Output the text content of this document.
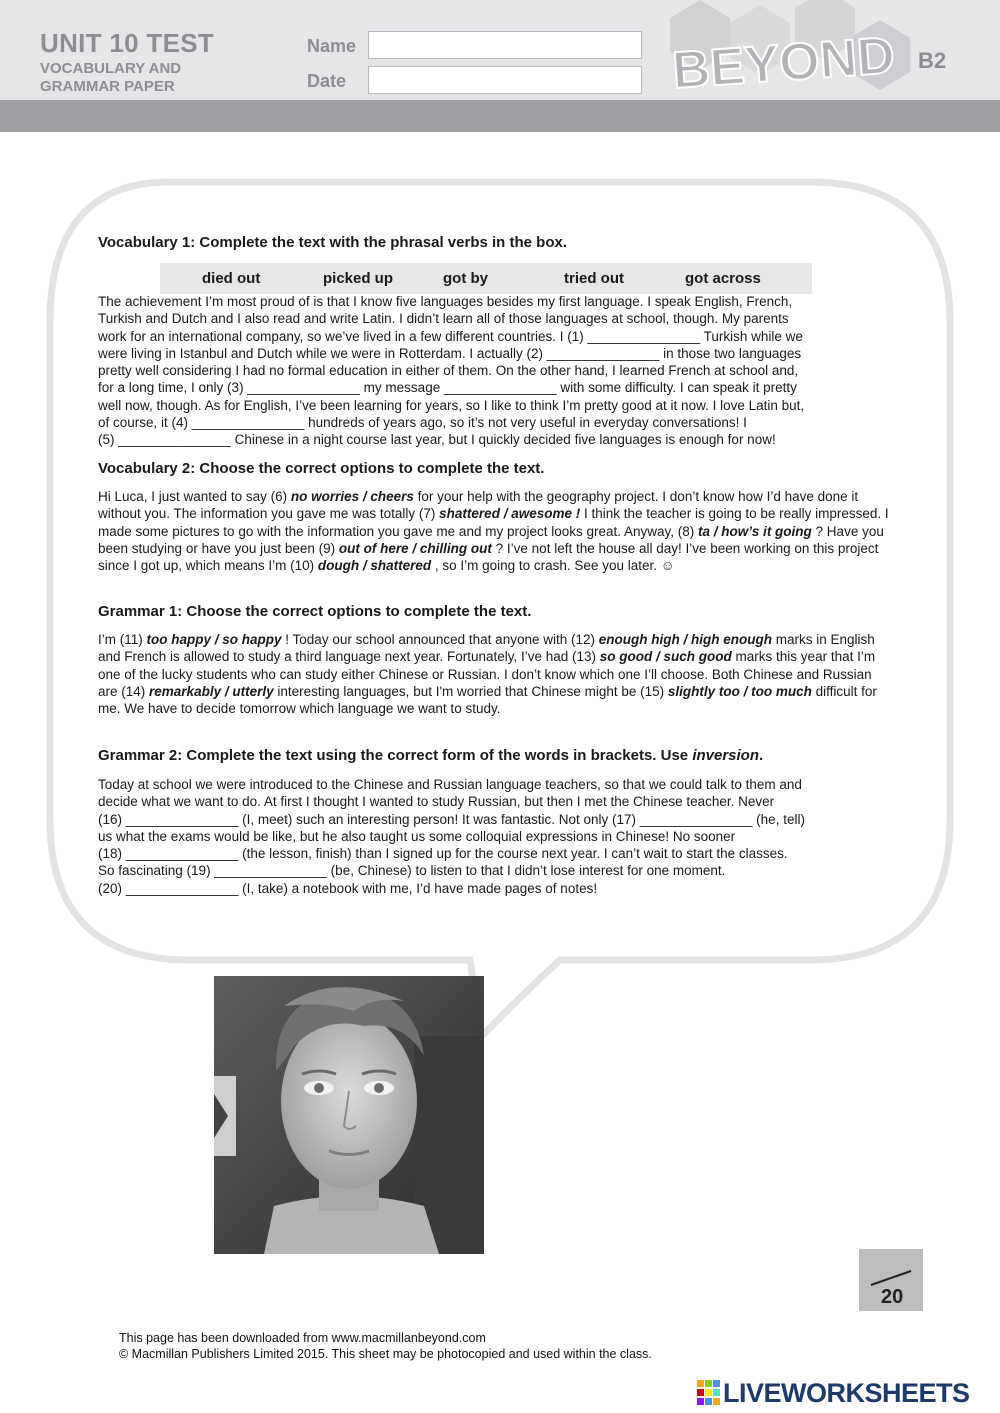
UNIT 10 TEST
VOCABULARY AND
GRAMMAR PAPER
Name
Date	BEYOND B2
Vocabulary 1: Complete the text with the phrasal verbs in the box.
died out	picked up	got by	tried out	got across
The achievement I’m most proud of is that I know five languages besides my first language. I speak English, French,
Turkish and Dutch and I also read and write Latin. I didn’t learn all of those languages at school, though. My parents
work for an international company, so we’ve lived in a few different countries. I (1) _______________ Turkish while we
were living in Istanbul and Dutch while we were in Rotterdam. I actually (2) _______________ in those two languages
pretty well considering I had no formal education in either of them. On the other hand, I learned French at school and,
for a long time, I only (3) _______________ my message _______________ with some difficulty. I can speak it pretty
well now, though. As for English, I’ve been learning for years, so I like to think I’m pretty good at it now. I love Latin but,
of course, it (4) _______________ hundreds of years ago, so it’s not very useful in everyday conversations! I
(5) _______________ Chinese in a night course last year, but I quickly decided five languages is enough for now!
Vocabulary 2: Choose the correct options to complete the text.

Hi Luca, I just wanted to say (6) no worries / cheers for your help with the geography project. I don’t know how I’d have done it without you. The information you gave me was totally (7) shattered / awesome ! I think the teacher is going to be really impressed. I made some pictures to go with the information you gave me and my project looks great. Anyway, (8) ta / how’s it going ? Have you been studying or have you just been (9) out of here / chilling out ? I’ve not left the house all day! I’ve been working on this project since I got up, which means I’m (10) dough / shattered , so I’m going to crash. See you later. ☺

Grammar 1: Choose the correct options to complete the text.

I’m (11) too happy / so happy ! Today our school announced that anyone with (12) enough high / high enough marks in English and French is allowed to study a third language next year. Fortunately, I’ve had (13) so good / such good marks this year that I’m one of the lucky students who can study either Chinese or Russian. I don’t know which one I’ll choose. Both Chinese and Russian are (14) remarkably / utterly interesting languages, but I'm worried that Chinese might be (15) slightly too / too much difficult for me. We have to decide tomorrow which language we want to study.

Grammar 2: Complete the text using the correct form of the words in brackets. Use inversion.
Today at school we were introduced to the Chinese and Russian language teachers, so that we could talk to them and
decide what we want to do. At first I thought I wanted to study Russian, but then I met the Chinese teacher. Never
(16) _______________ (I, meet) such an interesting person! It was fantastic. Not only (17) _______________ (he, tell)
us what the exams would be like, but he also taught us some colloquial expressions in Chinese! No sooner
(18) _______________ (the lesson, finish) than I signed up for the course next year. I can’t wait to start the classes.
So fascinating (19) _______________ (be, Chinese) to listen to that I didn’t lose interest for one moment.
(20) _______________ (I, take) a notebook with me, I’d have made pages of notes!
20
This page has been downloaded from www.macmillanbeyond.com
© Macmillan Publishers Limited 2015. This sheet may be photocopied and used within the class.
LIVEWORKSHEETS
